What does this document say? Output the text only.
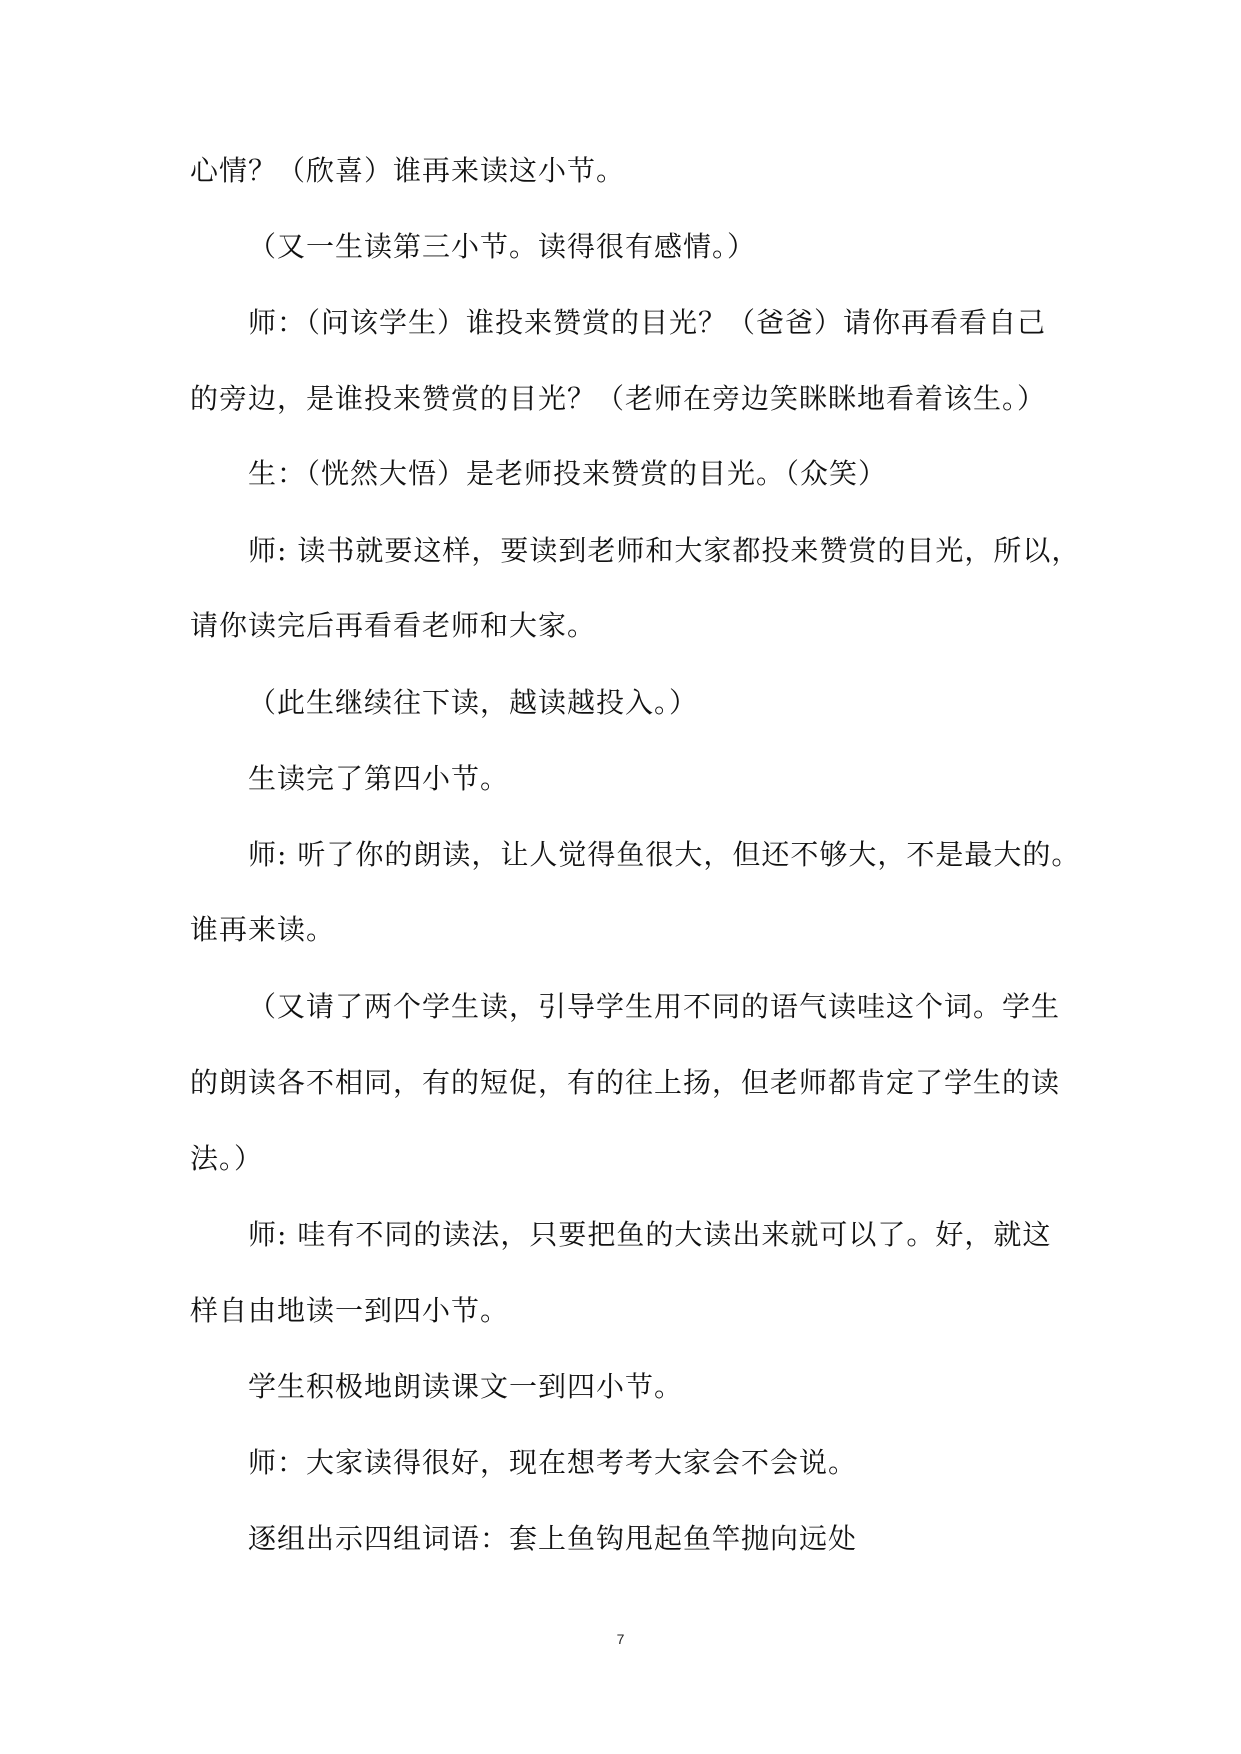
心情？（欣喜）谁再来读这小节。
（又一生读第三小节。读得很有感情。）
师：（问该学生）谁投来赞赏的目光？（爸爸）请你再看看自己
的旁边，是谁投来赞赏的目光？（老师在旁边笑眯眯地看着该生。）
生：（恍然大悟）是老师投来赞赏的目光。（众笑）
师: 读书就要这样，要读到老师和大家都投来赞赏的目光，所以，
请你读完后再看看老师和大家。
（此生继续往下读，越读越投入。）
生读完了第四小节。
师: 听了你的朗读，让人觉得鱼很大，但还不够大，不是最大的。
谁再来读。
（又请了两个学生读，引导学生用不同的语气读哇这个词。学生
的朗读各不相同，有的短促，有的往上扬，但老师都肯定了学生的读
法。）
师: 哇有不同的读法，只要把鱼的大读出来就可以了。好，就这
样自由地读一到四小节。
学生积极地朗读课文一到四小节。
师：大家读得很好，现在想考考大家会不会说。
逐组出示四组词语：套上鱼钩甩起鱼竿抛向远处
7
